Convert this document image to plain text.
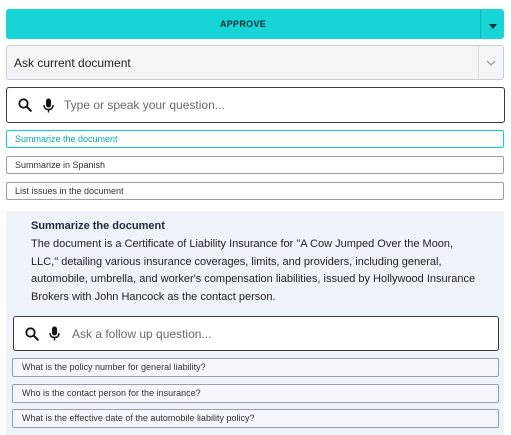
APPROVE
Ask current document
Type or speak your question...
Summarize the document
Summarize in Spanish
List issues in the document
Summarize the document
The document is a Certificate of Liability Insurance for "A Cow Jumped Over the Moon, LLC," detailing various insurance coverages, limits, and providers, including general, automobile, umbrella, and worker's compensation liabilities, issued by Hollywood Insurance Brokers with John Hancock as the contact person.
Ask a follow up question...
What is the policy number for general liability?
Who is the contact person for the insurance?
What is the effective date of the automobile liability policy?
